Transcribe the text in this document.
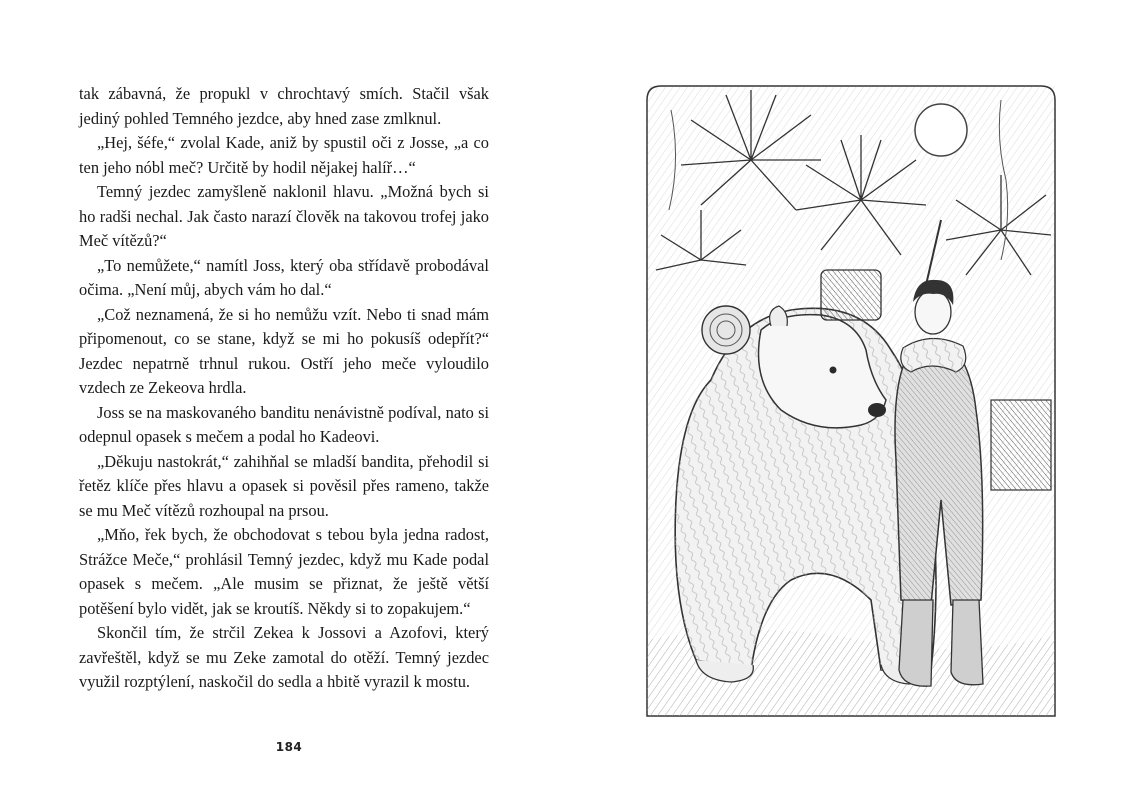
tak zábavná, že propukl v chrochtavý smích. Stačil však jediný pohled Temného jezdce, aby hned zase zmlknul.

„Hej, šéfe,“ zvolal Kade, aniž by spustil oči z Josse, „a co ten jeho nóbl meč? Určitě by hodil nějakej halíř…“

Temný jezdec zamyšleně naklonil hlavu. „Možná bych si ho radši nechal. Jak často narazí člověk na takovou trofej jako Meč vítězů?“

„To nemůžete,“ namítl Joss, který oba střídavě probodával očima. „Není můj, abych vám ho dal.“

„Což neznamená, že si ho nemůžu vzít. Nebo ti snad mám připomenout, co se stane, když se mi ho pokusíš odepřít?“ Jezdec nepatrně trhnul rukou. Ostří jeho meče vyloudilo vzdech ze Zekeova hrdla.

Joss se na maskovaného banditu nenávistně podíval, nato si odepnul opasek s mečem a podal ho Kadeovi.

„Děkuju nastokrát,“ zahihňal se mladší bandita, přehodil si řetěz klíče přes hlavu a opasek si pověsil přes rameno, takže se mu Meč vítězů rozhoupal na prsou.

„Mňo, řek bych, že obchodovat s tebou byla jedna radost, Strážce Meče,“ prohlásil Temný jezdec, když mu Kade podal opasek s mečem. „Ale musim se přiznat, že ještě větší potěšení bylo vidět, jak se kroutíš. Někdy si to zopakujem.“

Skončil tím, že strčil Zekea k Jossovi a Azofovi, který zavřeštěl, když se mu Zeke zamotal do otěží. Temný jezdec využil rozptýlení, naskočil do sedla a hbitě vyrazil k mostu.

184
